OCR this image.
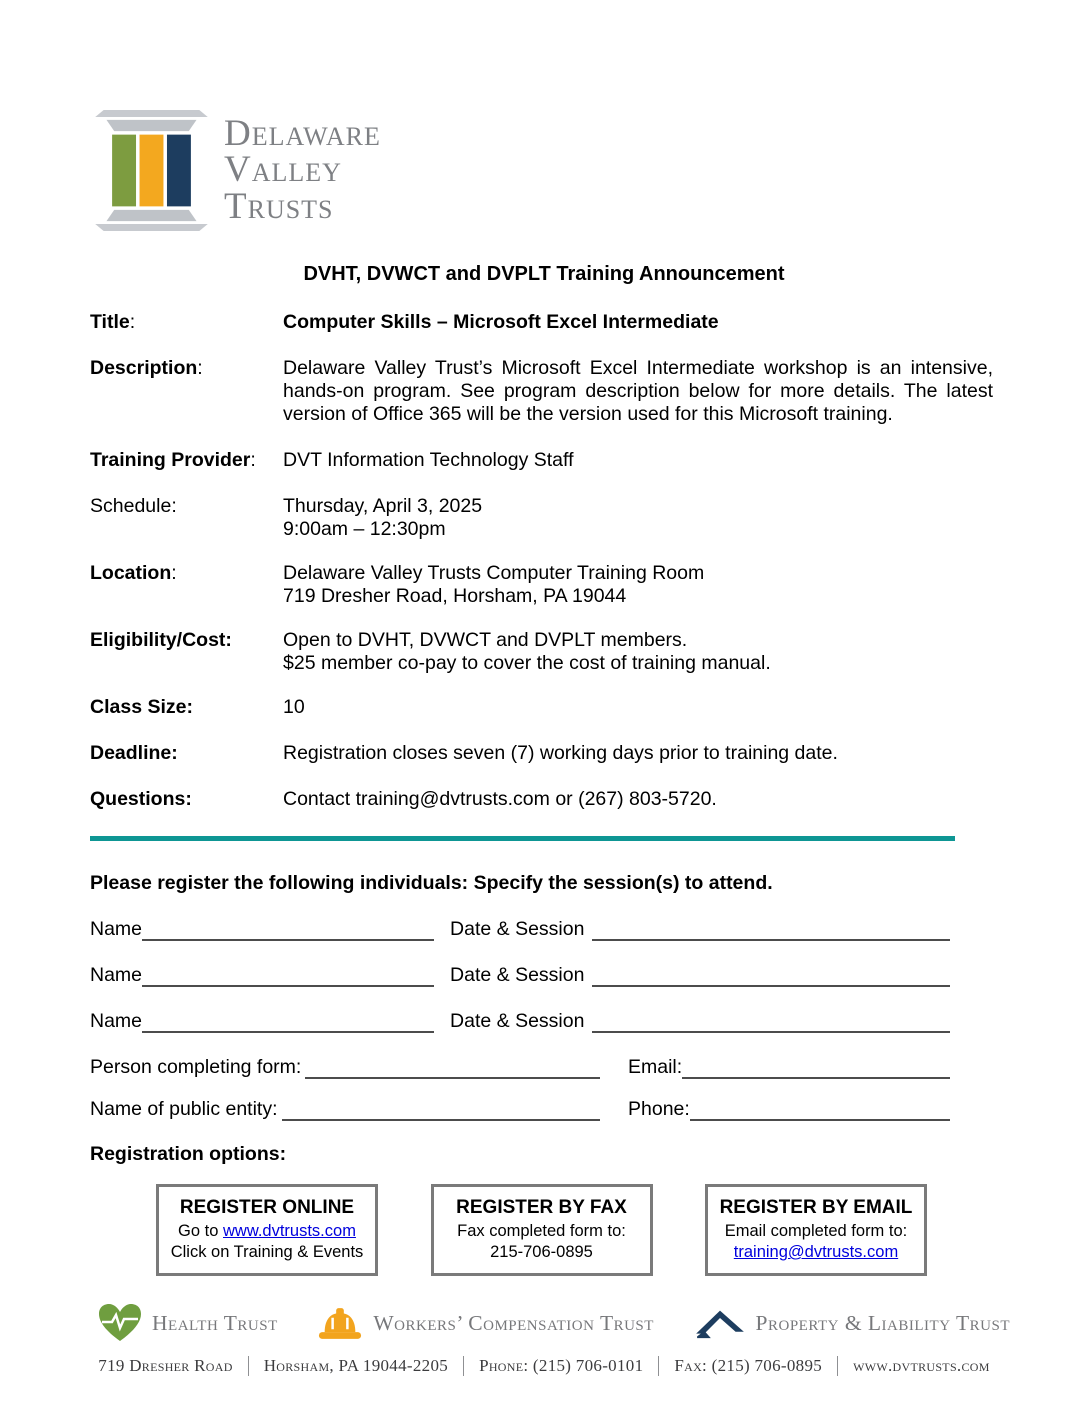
Delaware
Valley
Trusts
DVHT, DVWCT and DVPLT Training Announcement
Title:	Computer Skills – Microsoft Excel Intermediate
Description:	Delaware Valley Trust’s Microsoft Excel Intermediate workshop is an intensive, hands-on program. See program description below for more details. The latest version of Office 365 will be the version used for this Microsoft training.
Training Provider:	DVT Information Technology Staff
Schedule:	Thursday, April 3, 2025
9:00am – 12:30pm
Location:	Delaware Valley Trusts Computer Training Room
719 Dresher Road, Horsham, PA 19044
Eligibility/Cost:	Open to DVHT, DVWCT and DVPLT members.
$25 member co-pay to cover the cost of training manual.
Class Size:	10
Deadline:	Registration closes seven (7) working days prior to training date.
Questions:	Contact training@dvtrusts.com or (267) 803-5720.
Please register the following individuals: Specify the session(s) to attend.
Name	Date & Session
Name	Date & Session
Name	Date & Session
Person completing form:	Email:
Name of public entity:	Phone:
Registration options:
REGISTER ONLINE
Go to www.dvtrusts.com
Click on Training & Events
REGISTER BY FAX
Fax completed form to:
215-706-0895
REGISTER BY EMAIL
Email completed form to:
training@dvtrusts.com
Health Trust	Workers’ Compensation Trust	Property & Liability Trust
719 Dresher Road	Horsham, PA 19044-2205	Phone: (215) 706-0101	Fax: (215) 706-0895	www.dvtrusts.com
